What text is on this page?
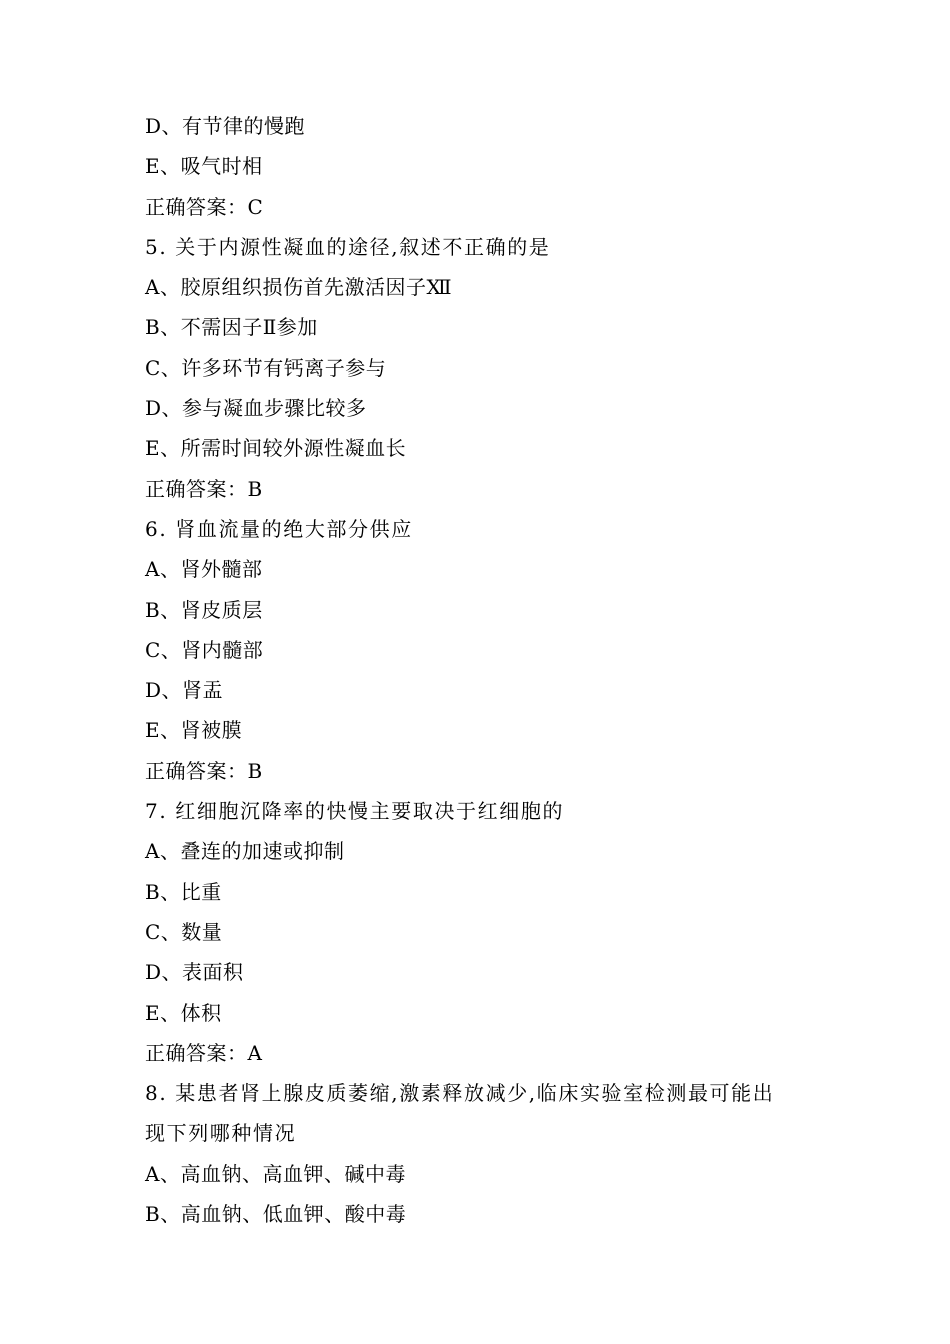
D、有节律的慢跑
E、吸气时相
正确答案：C
5. 关于内源性凝血的途径,叙述不正确的是
A、胶原组织损伤首先激活因子Ⅻ
B、不需因子Ⅱ参加
C、许多环节有钙离子参与
D、参与凝血步骤比较多
E、所需时间较外源性凝血长
正确答案：B
6. 肾血流量的绝大部分供应
A、肾外髓部
B、肾皮质层
C、肾内髓部
D、肾盂
E、肾被膜
正确答案：B
7. 红细胞沉降率的快慢主要取决于红细胞的
A、叠连的加速或抑制
B、比重
C、数量
D、表面积
E、体积
正确答案：A
8. 某患者肾上腺皮质萎缩,激素释放减少,临床实验室检测最可能出
现下列哪种情况
A、高血钠、高血钾、碱中毒
B、高血钠、低血钾、酸中毒
